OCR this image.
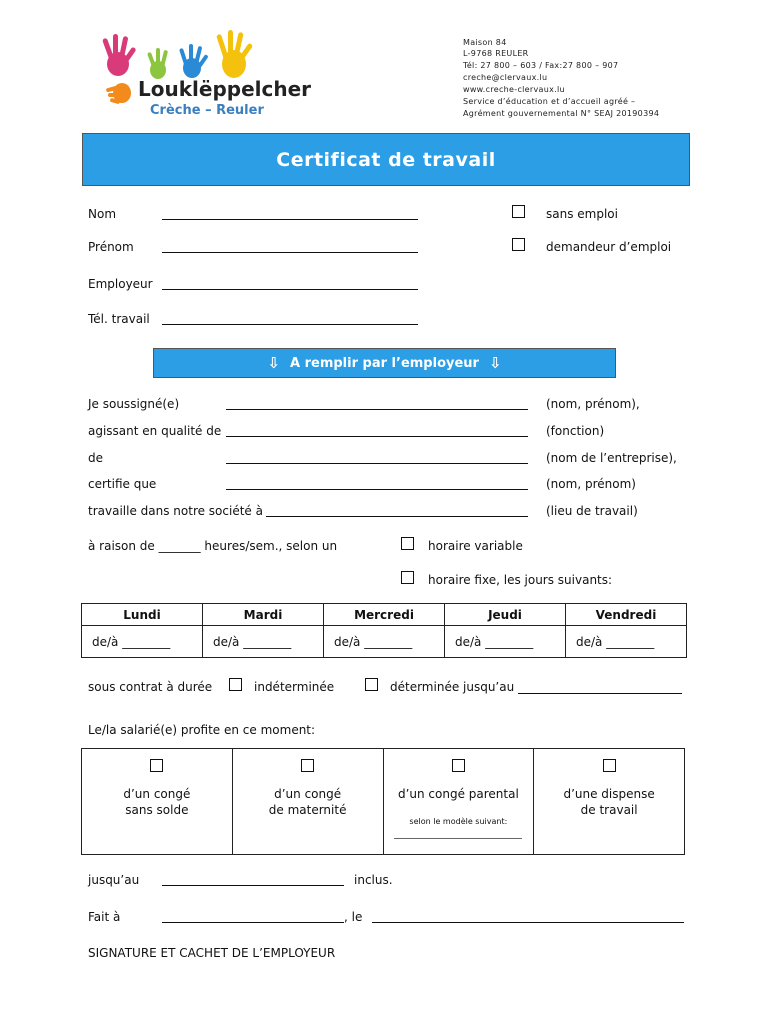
Louklëppelcher
Crèche – Reuler
Maison 84
L-9768 REULER
Tél: 27 800 – 603 / Fax:27 800 – 907
creche@clervaux.lu
www.creche-clervaux.lu
Service d’éducation et d’accueil agréé –
Agrément gouvernemental N° SEAJ 20190394
Certificat de travail
Nom	sans emploi
Prénom	demandeur d’emploi
Employeur
Tél. travail
⇩ A remplir par l’employeur ⇩
Je soussigné(e)	(nom, prénom),
agissant en qualité de	(fonction)
de	(nom de l’entreprise),
certifie que	(nom, prénom)
travaille dans notre société à	(lieu de travail)
à raison de _______ heures/sem., selon un	horaire variable
horaire fixe, les jours suivants:
Lundi	Mardi	Mercredi	Jeudi	Vendredi
de/à ________	de/à ________	de/à ________	de/à ________	de/à ________
sous contrat à durée	indéterminée	déterminée jusqu’au
Le/la salarié(e) profite en ce moment:

d’un congé
sans solde	
d’un congé
de maternité	
d’un congé parental
selon le modèle suivant:

d’une dispense
de travail
jusqu’au	inclus.
Fait à	, le
SIGNATURE ET CACHET DE L’EMPLOYEUR
